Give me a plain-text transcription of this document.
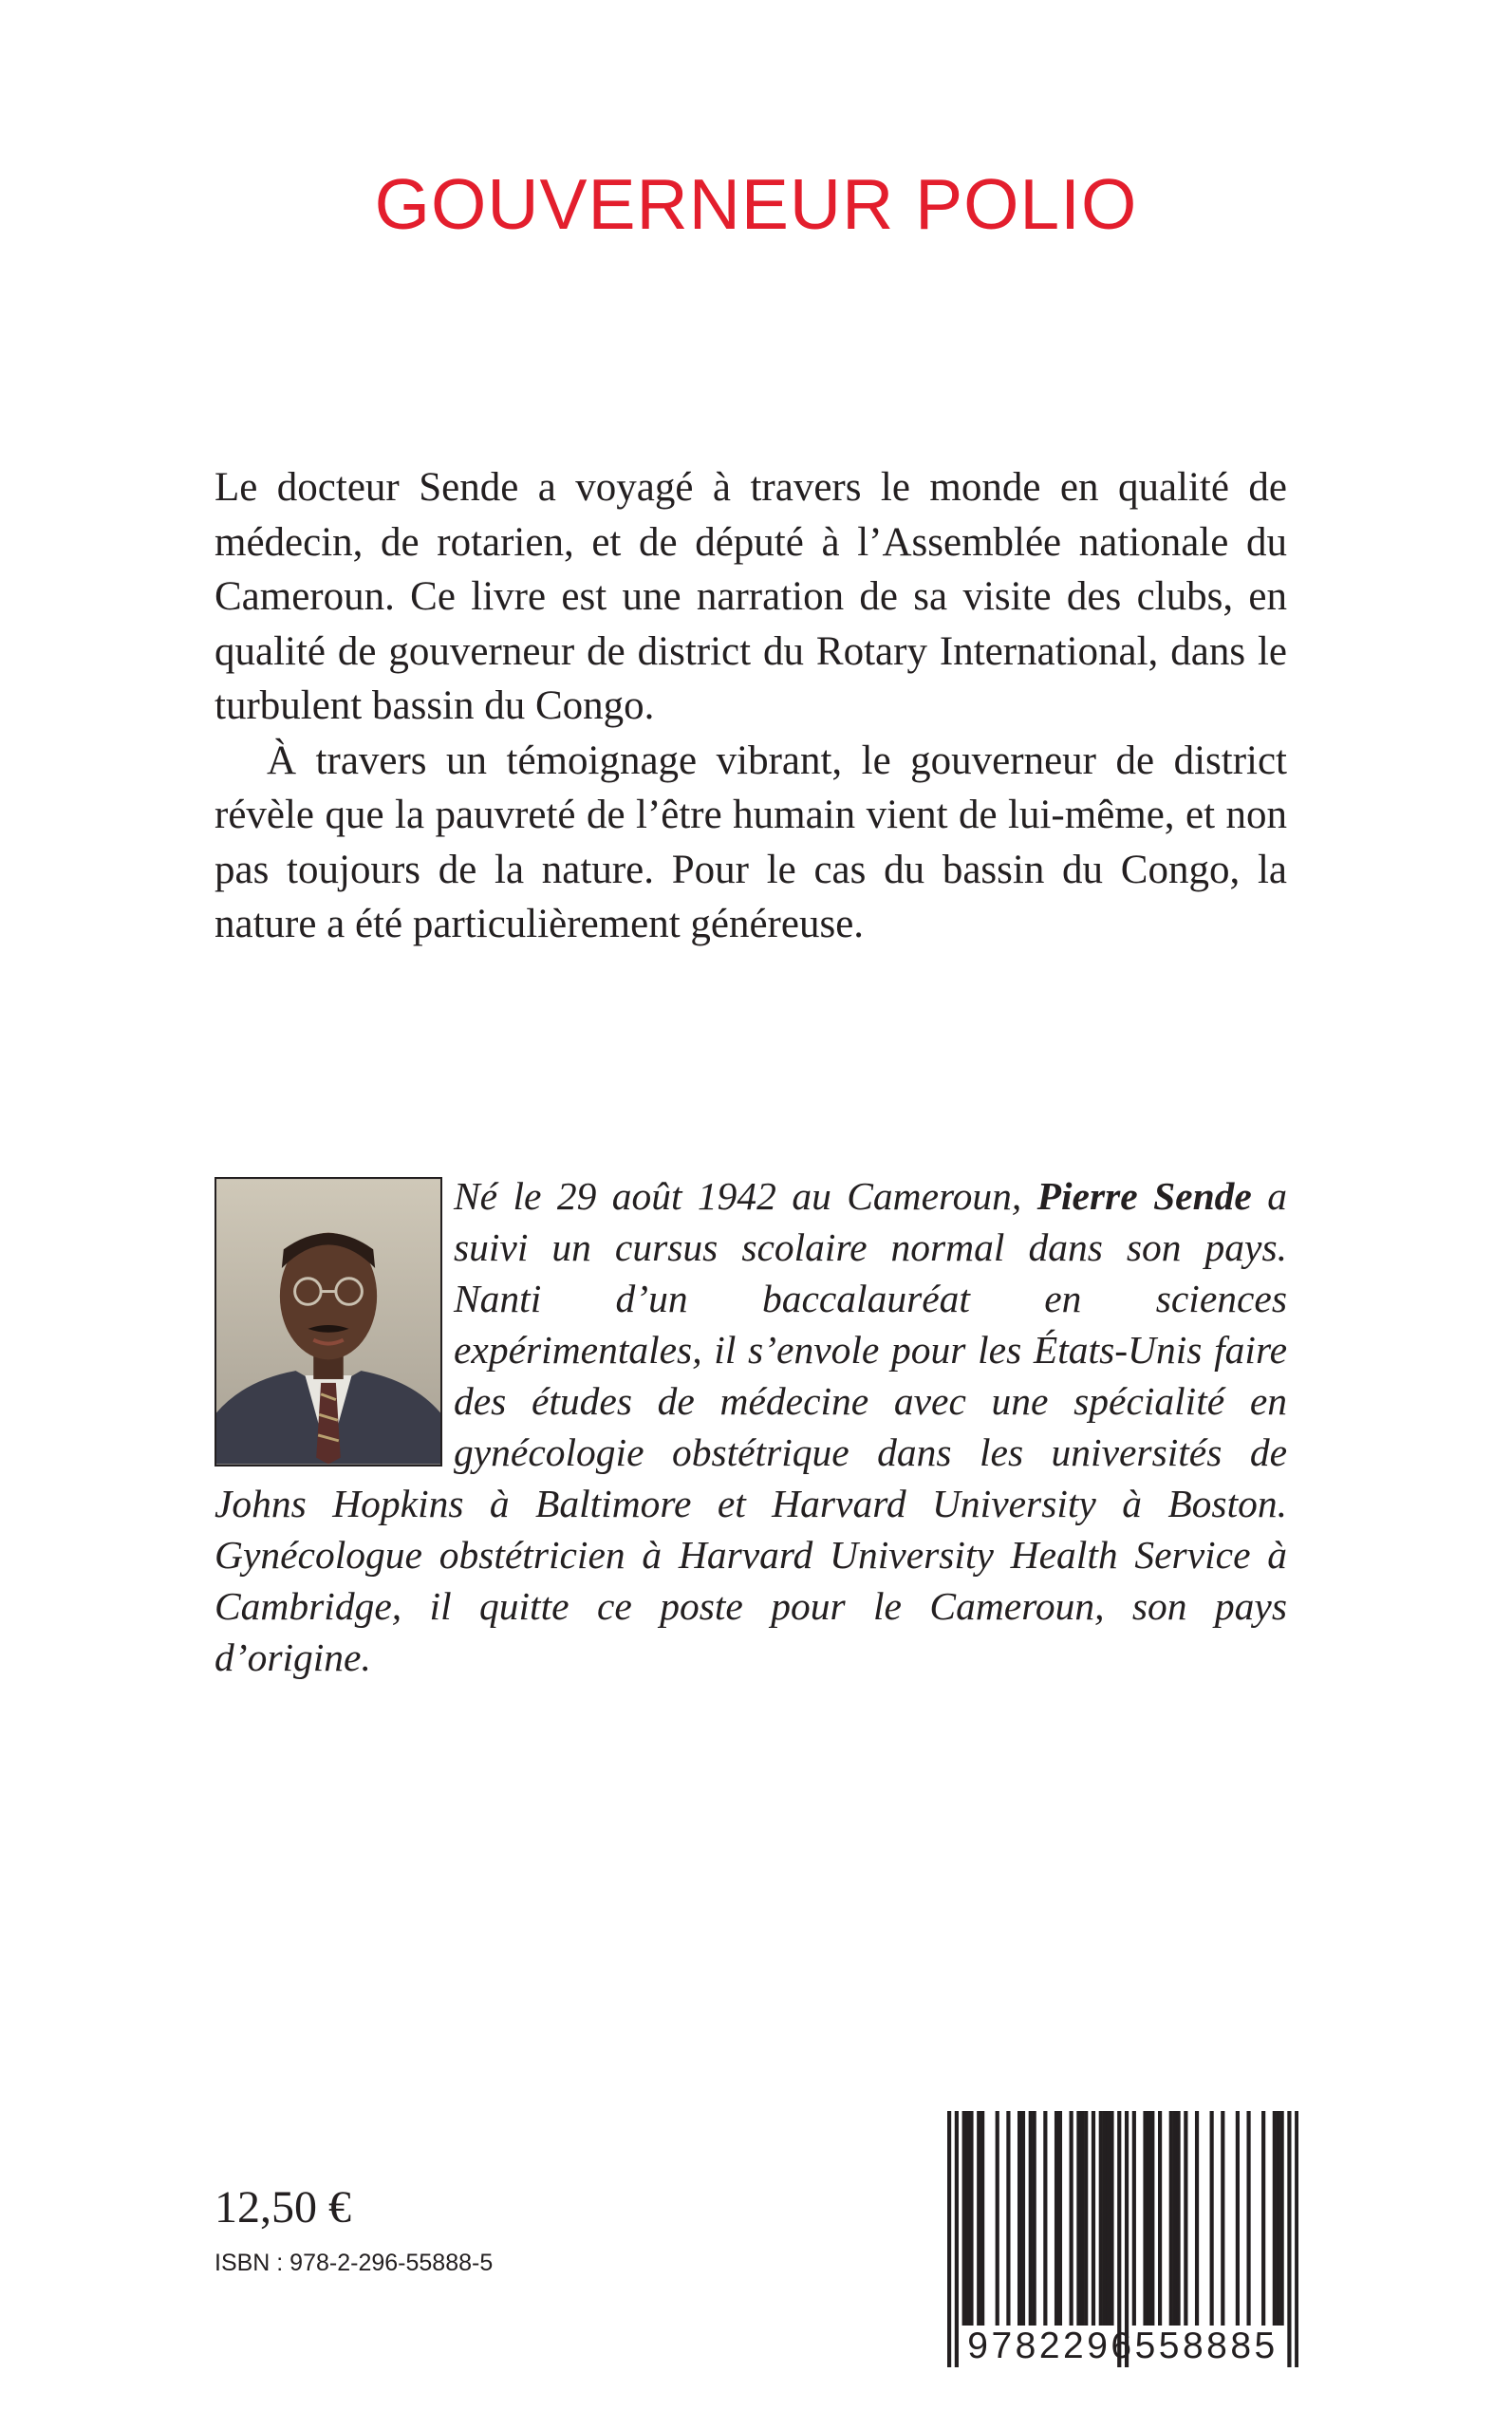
GOUVERNEUR POLIO

Le docteur Sende a voyagé à travers le monde en qualité de médecin, de rotarien, et de député à l’Assemblée nationale du Cameroun. Ce livre est une narration de sa visite des clubs, en qualité de gouverneur de district du Rotary International, dans le turbulent bassin du Congo.

À travers un témoignage vibrant, le gouverneur de district révèle que la pauvreté de l’être humain vient de lui-même, et non pas toujours de la nature. Pour le cas du bassin du Congo, la nature a été particulièrement généreuse.

Né le 29 août 1942 au Cameroun, Pierre Sende a suivi un cursus scolaire normal dans son pays. Nanti d’un baccalauréat en sciences expérimentales, il s’envole pour les États-Unis faire des études de médecine avec une spécialité en gynécologie obstétrique dans les universités de Johns Hopkins à Baltimore et Harvard University à Boston. Gynécologue obstétricien à Harvard University Health Service à Cambridge, il quitte ce poste pour le Cameroun, son pays d’origine.

12,50 €
ISBN : 978-2-296-55888-5
9782296558885
